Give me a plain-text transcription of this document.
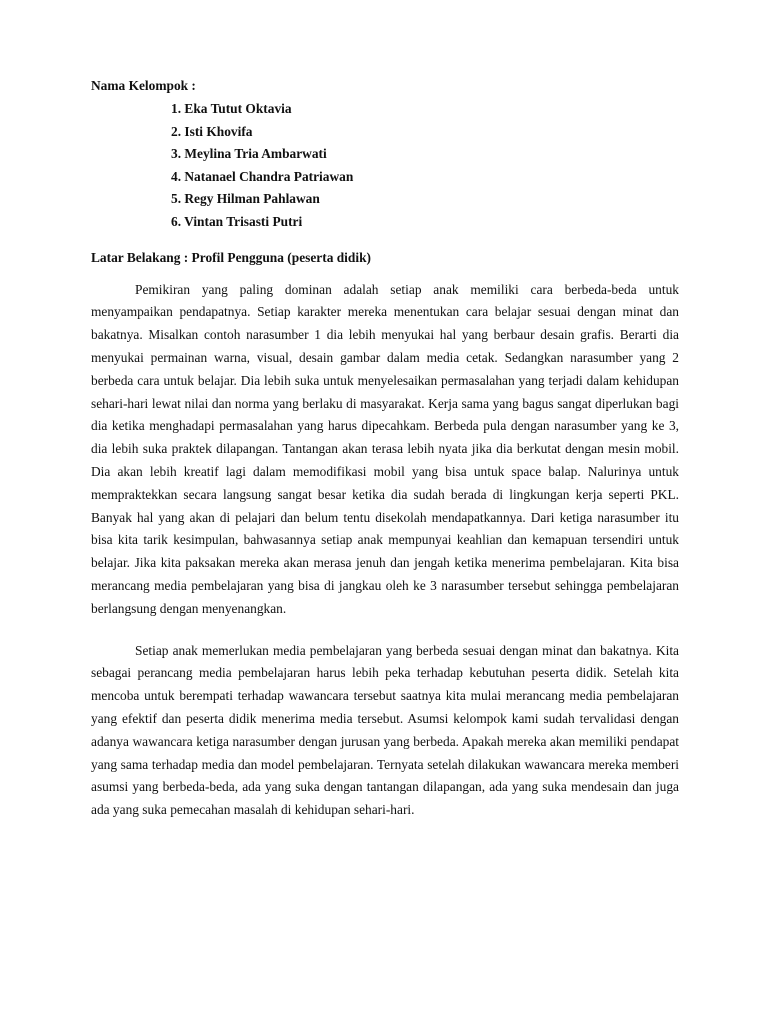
Nama Kelompok :

1. Eka Tutut Oktavia
2. Isti Khovifa
3. Meylina Tria Ambarwati
4. Natanael Chandra Patriawan
5. Regy Hilman Pahlawan
6. Vintan Trisasti Putri

Latar Belakang : Profil Pengguna (peserta didik)

Pemikiran yang paling dominan adalah setiap anak memiliki cara berbeda-beda untuk menyampaikan pendapatnya. Setiap karakter mereka menentukan cara belajar sesuai dengan minat dan bakatnya. Misalkan contoh narasumber 1 dia lebih menyukai hal yang berbaur desain grafis. Berarti dia menyukai permainan warna, visual, desain gambar dalam media cetak. Sedangkan narasumber yang 2 berbeda cara untuk belajar. Dia lebih suka untuk menyelesaikan permasalahan yang terjadi dalam kehidupan sehari-hari lewat nilai dan norma yang berlaku di masyarakat. Kerja sama yang bagus sangat diperlukan bagi dia ketika menghadapi permasalahan yang harus dipecahkam. Berbeda pula dengan narasumber yang ke 3, dia lebih suka praktek dilapangan. Tantangan akan terasa lebih nyata jika dia berkutat dengan mesin mobil. Dia akan lebih kreatif lagi dalam memodifikasi mobil yang bisa untuk space balap. Nalurinya untuk mempraktekkan secara langsung sangat besar ketika dia sudah berada di lingkungan kerja seperti PKL. Banyak hal yang akan di pelajari dan belum tentu disekolah mendapatkannya. Dari ketiga narasumber itu bisa kita tarik kesimpulan, bahwasannya setiap anak mempunyai keahlian dan kemapuan tersendiri untuk belajar. Jika kita paksakan mereka akan merasa jenuh dan jengah ketika menerima pembelajaran. Kita bisa merancang media pembelajaran yang bisa di jangkau oleh ke 3 narasumber tersebut sehingga pembelajaran berlangsung dengan menyenangkan.

Setiap anak memerlukan media pembelajaran yang berbeda sesuai dengan minat dan bakatnya. Kita sebagai perancang media pembelajaran harus lebih peka terhadap kebutuhan peserta didik. Setelah kita mencoba untuk berempati terhadap wawancara tersebut saatnya kita mulai merancang media pembelajaran yang efektif dan peserta didik menerima media tersebut. Asumsi kelompok kami sudah tervalidasi dengan adanya wawancara ketiga narasumber dengan jurusan yang berbeda. Apakah mereka akan memiliki pendapat yang sama terhadap media dan model pembelajaran. Ternyata setelah dilakukan wawancara mereka memberi asumsi yang berbeda-beda, ada yang suka dengan tantangan dilapangan, ada yang suka mendesain dan juga ada yang suka pemecahan masalah di kehidupan sehari-hari.
